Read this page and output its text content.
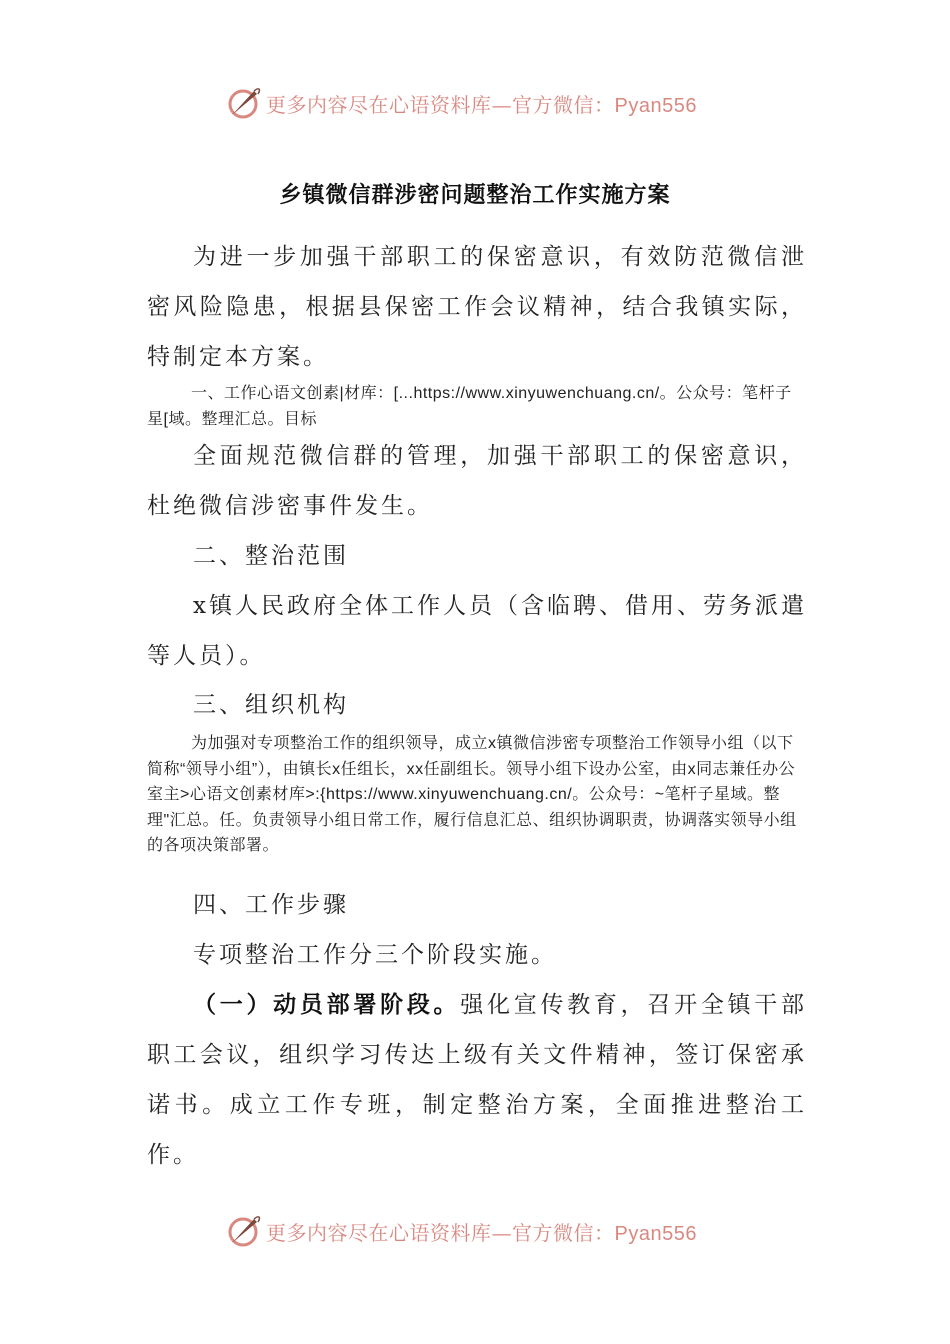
更多内容尽在心语资料库—官方微信：Pyan556
乡镇微信群涉密问题整治工作实施方案

为进一步加强干部职工的保密意识，有效防范微信泄密风险隐患，根据县保密工作会议精神，结合我镇实际，特制定本方案。

一、工作心语文创素|材库：[...https://www.xinyuwenchuang.cn/。公众号：笔杆子星[域。整理汇总。目标

全面规范微信群的管理，加强干部职工的保密意识，杜绝微信涉密事件发生。

二、整治范围

x镇人民政府全体工作人员（含临聘、借用、劳务派遣等人员）。

三、组织机构

为加强对专项整治工作的组织领导，成立x镇微信涉密专项整治工作领导小组（以下简称“领导小组”），由镇长x任组长，xx任副组长。领导小组下设办公室，由x同志兼任办公室主>心语文创素材库>:{https://www.xinyuwenchuang.cn/。公众号：~笔杆子星域。整理"汇总。任。负责领导小组日常工作，履行信息汇总、组织协调职责，协调落实领导小组的各项决策部署。

四、工作步骤

专项整治工作分三个阶段实施。

（一）动员部署阶段。强化宣传教育，召开全镇干部职工会议，组织学习传达上级有关文件精神，签订保密承诺书。成立工作专班，制定整治方案，全面推进整治工作。

更多内容尽在心语资料库—官方微信：Pyan556
